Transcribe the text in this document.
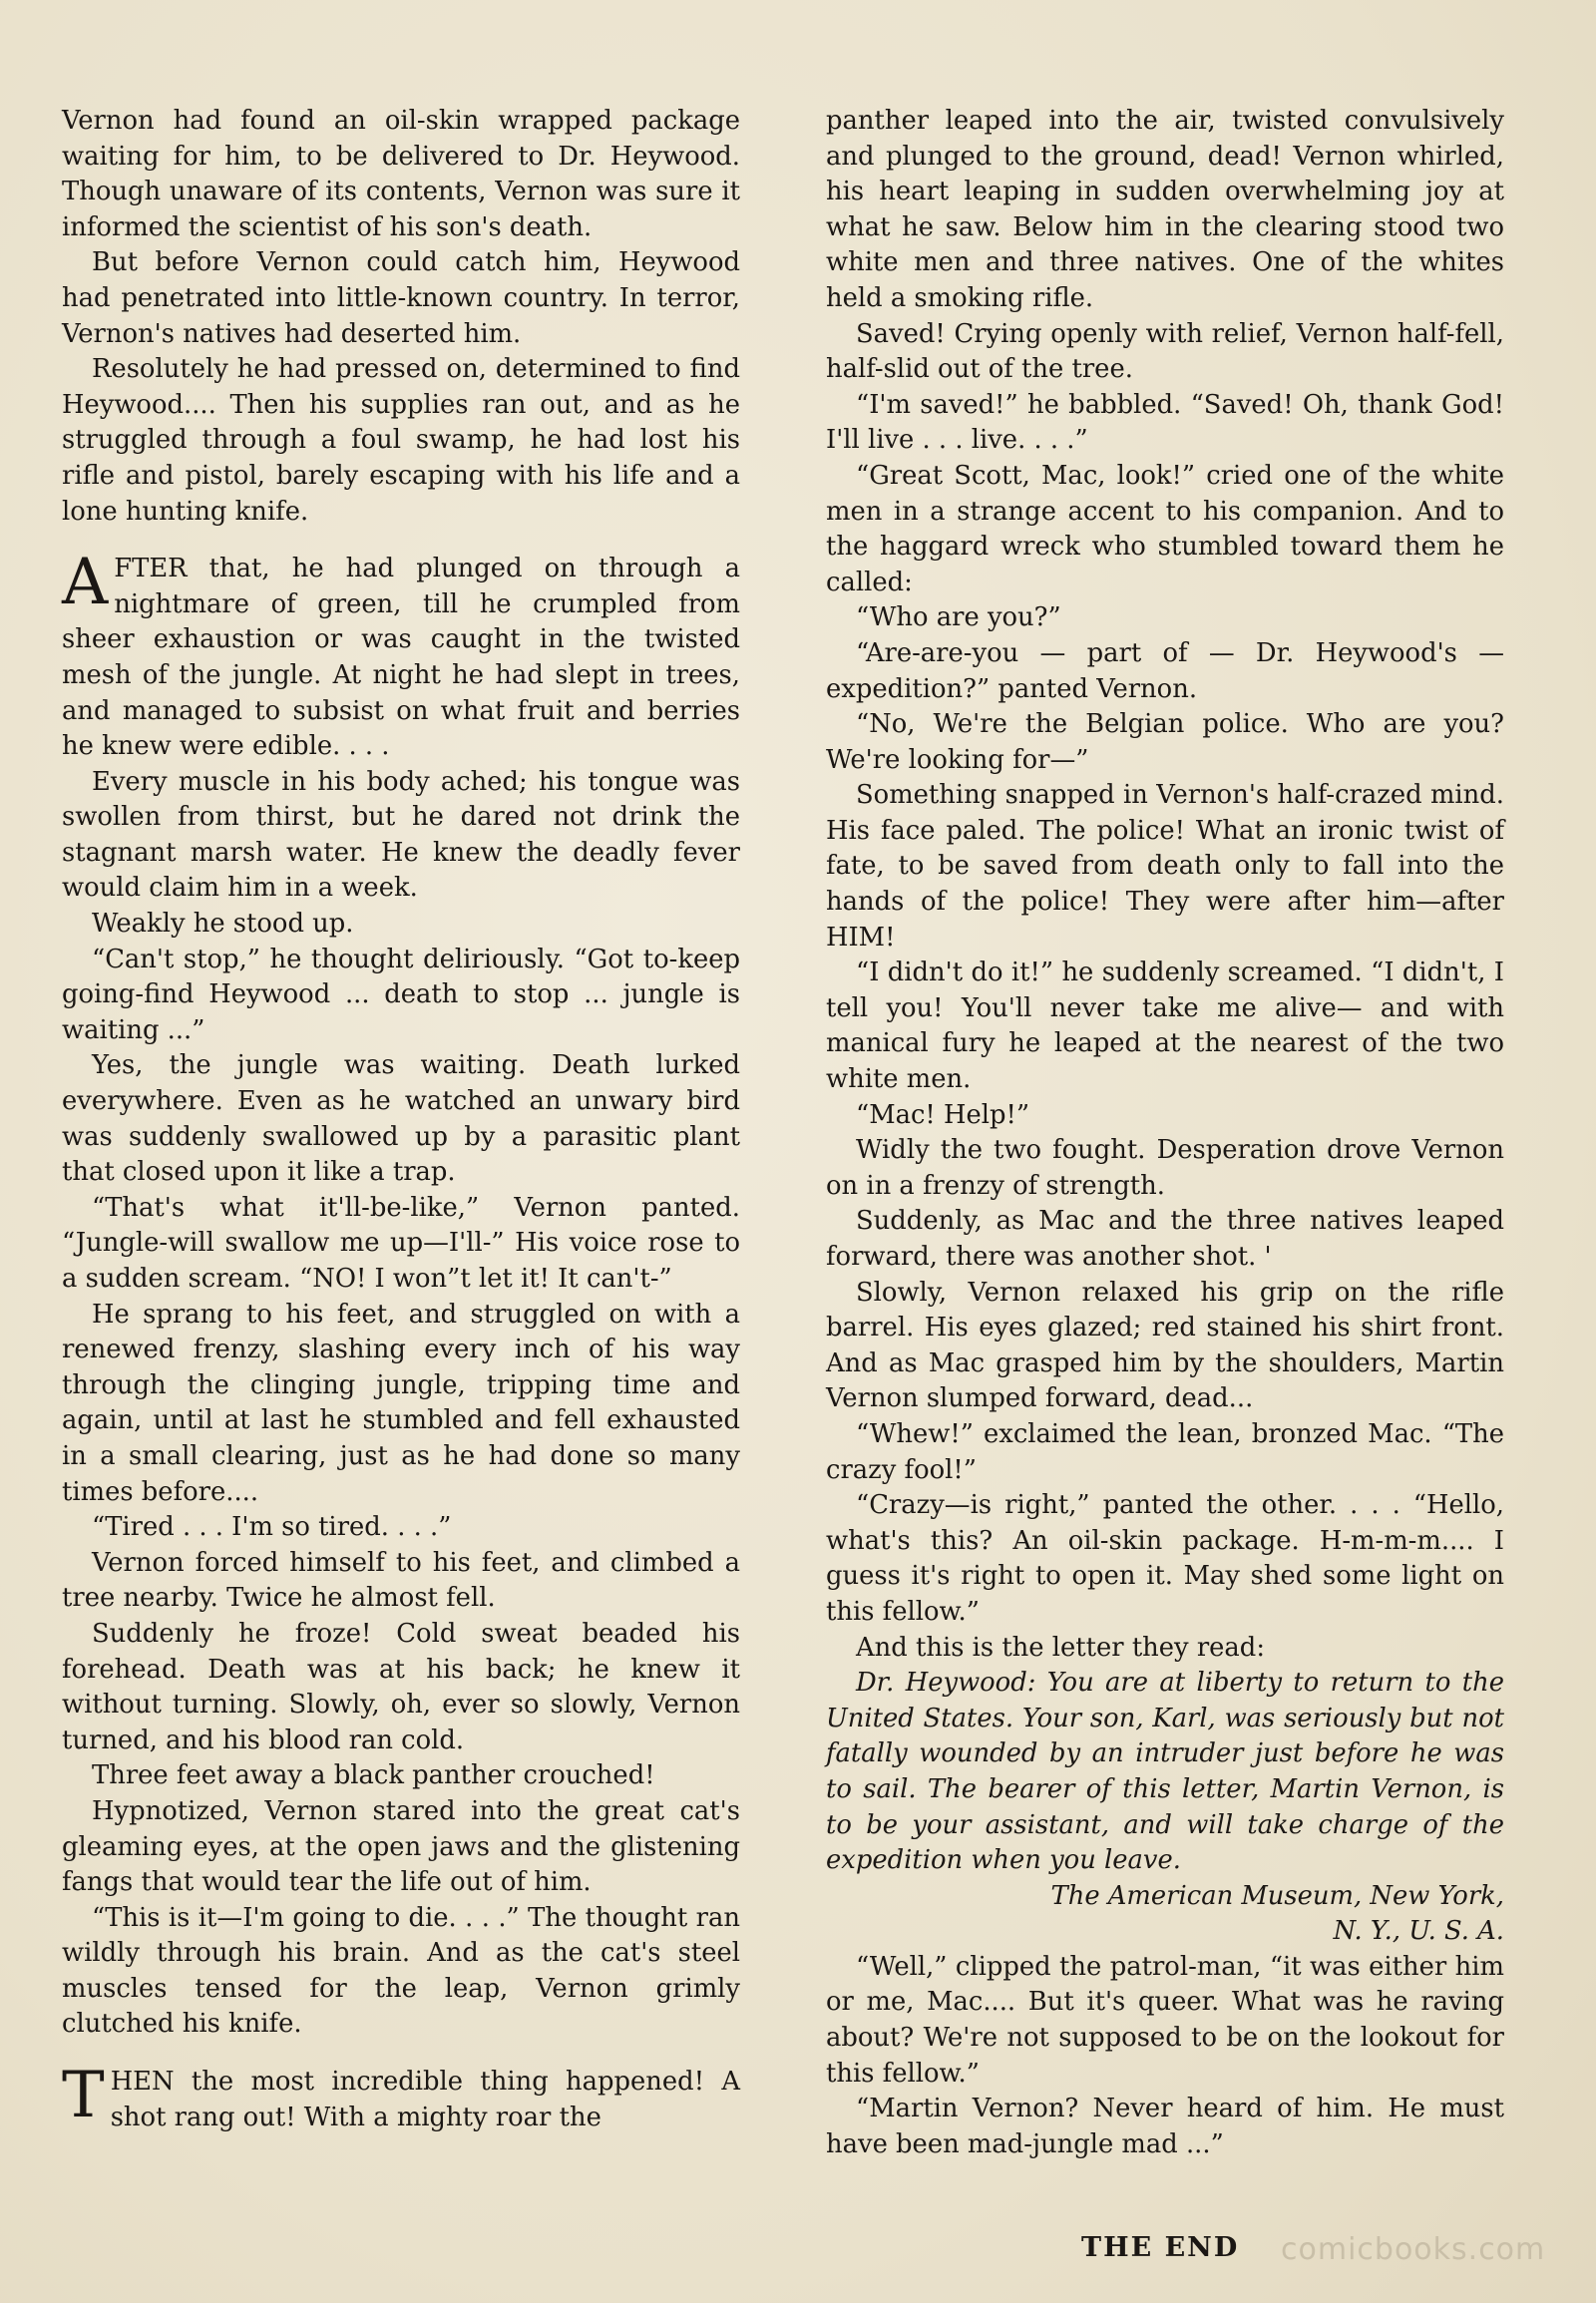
Vernon had found an oil-skin wrapped package waiting for him, to be delivered to Dr. Heywood. Though unaware of its contents, Vernon was sure it informed the scientist of his son's death.

But before Vernon could catch him, Heywood had penetrated into little-known country. In terror, Vernon's natives had deserted him.

Resolutely he had pressed on, determined to find Heywood.... Then his supplies ran out, and as he struggled through a foul swamp, he had lost his rifle and pistol, barely escaping with his life and a lone hunting knife.

AFTER that, he had plunged on through a nightmare of green, till he crumpled from sheer exhaustion or was caught in the twisted mesh of the jungle. At night he had slept in trees, and managed to subsist on what fruit and berries he knew were edible. . . .

Every muscle in his body ached; his tongue was swollen from thirst, but he dared not drink the stagnant marsh water. He knew the deadly fever would claim him in a week.

Weakly he stood up.

“Can't stop,” he thought deliriously. “Got to-keep going-find Heywood ... death to stop ... jungle is waiting ...”

Yes, the jungle was waiting. Death lurked everywhere. Even as he watched an unwary bird was suddenly swallowed up by a parasitic plant that closed upon it like a trap.

“That's what it'll-be-like,” Vernon panted. “Jungle-will swallow me up—I'll-” His voice rose to a sudden scream. “NO! I won”t let it! It can't-”

He sprang to his feet, and struggled on with a renewed frenzy, slashing every inch of his way through the clinging jungle, tripping time and again, until at last he stumbled and fell exhausted in a small clearing, just as he had done so many times before....

“Tired . . . I'm so tired. . . .”

Vernon forced himself to his feet, and climbed a tree nearby. Twice he almost fell.

Suddenly he froze! Cold sweat beaded his forehead. Death was at his back; he knew it without turning. Slowly, oh, ever so slowly, Vernon turned, and his blood ran cold.

Three feet away a black panther crouched!

Hypnotized, Vernon stared into the great cat's gleaming eyes, at the open jaws and the glistening fangs that would tear the life out of him.

“This is it—I'm going to die. . . .” The thought ran wildly through his brain. And as the cat's steel muscles tensed for the leap, Vernon grimly clutched his knife.

THEN the most incredible thing happened! A shot rang out! With a mighty roar the

panther leaped into the air, twisted convulsively and plunged to the ground, dead! Vernon whirled, his heart leaping in sudden overwhelming joy at what he saw. Below him in the clearing stood two white men and three natives. One of the whites held a smoking rifle.

Saved! Crying openly with relief, Vernon half-fell, half-slid out of the tree.

“I'm saved!” he babbled. “Saved! Oh, thank God! I'll live . . . live. . . .”

“Great Scott, Mac, look!” cried one of the white men in a strange accent to his companion. And to the haggard wreck who stumbled toward them he called:

“Who are you?”

“Are-are-you — part of — Dr. Heywood's — expedition?” panted Vernon.

“No, We're the Belgian police. Who are you? We're looking for—”

Something snapped in Vernon's half-crazed mind. His face paled. The police! What an ironic twist of fate, to be saved from death only to fall into the hands of the police! They were after him—after HIM!

“I didn't do it!” he suddenly screamed. “I didn't, I tell you! You'll never take me alive— and with manical fury he leaped at the nearest of the two white men.

“Mac! Help!”

Widly the two fought. Desperation drove Vernon on in a frenzy of strength.

Suddenly, as Mac and the three natives leaped forward, there was another shot. '

Slowly, Vernon relaxed his grip on the rifle barrel. His eyes glazed; red stained his shirt front. And as Mac grasped him by the shoulders, Martin Vernon slumped forward, dead...

“Whew!” exclaimed the lean, bronzed Mac. “The crazy fool!”

“Crazy—is right,” panted the other. . . . “Hello, what's this? An oil-skin package. H-m-m-m.... I guess it's right to open it. May shed some light on this fellow.”

And this is the letter they read:

Dr. Heywood: You are at liberty to return to the United States. Your son, Karl, was seriously but not fatally wounded by an intruder just before he was to sail. The bearer of this letter, Martin Vernon, is to be your assistant, and will take charge of the expedition when you leave.

The American Museum, New York,

N. Y., U. S. A.

“Well,” clipped the patrol-man, “it was either him or me, Mac.... But it's queer. What was he raving about? We're not supposed to be on the lookout for this fellow.”

“Martin Vernon? Never heard of him. He must have been mad-jungle mad ...”

THE END comicbooks.com
